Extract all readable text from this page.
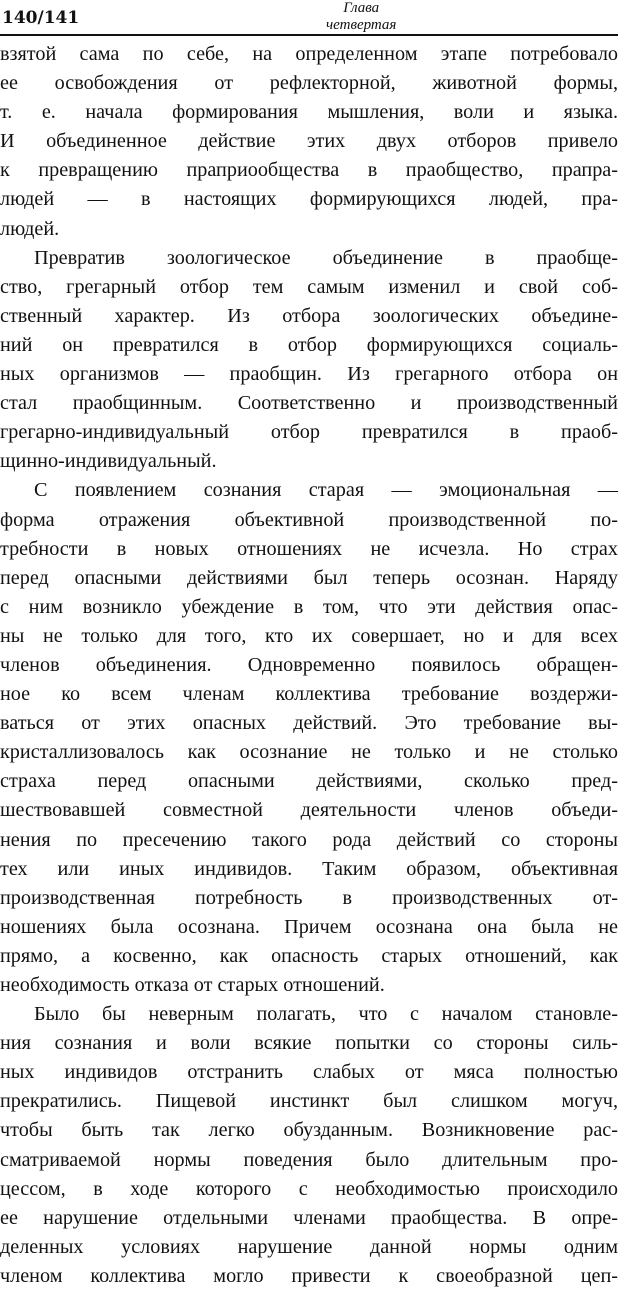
140/141	Глава
четвертая

взятой сама по себе, на определенном этапе потребовало
ее освобождения от рефлекторной, животной формы,
т. е. начала формирования мышления, воли и языка.
И объединенное действие этих двух отборов привело
к превращению праприообщества в праобщество, прапра-
людей — в настоящих формирующихся людей, пра-
людей.

Превратив зоологическое объединение в праобще-
ство, грегарный отбор тем самым изменил и свой соб-
ственный характер. Из отбора зоологических объедине-
ний он превратился в отбор формирующихся социаль-
ных организмов — праобщин. Из грегарного отбора он
стал праобщинным. Соответственно и производственный
грегарно-индивидуальный отбор превратился в праоб-
щинно-индивидуальный.

С появлением сознания старая — эмоциональная —
форма отражения объективной производственной по-
требности в новых отношениях не исчезла. Но страх
перед опасными действиями был теперь осознан. Наряду
с ним возникло убеждение в том, что эти действия опас-
ны не только для того, кто их совершает, но и для всех
членов объединения. Одновременно появилось обращен-
ное ко всем членам коллектива требование воздержи-
ваться от этих опасных действий. Это требование вы-
кристаллизовалось как осознание не только и не столько
страха перед опасными действиями, сколько пред-
шествовавшей совместной деятельности членов объеди-
нения по пресечению такого рода действий со стороны
тех или иных индивидов. Таким образом, объективная
производственная потребность в производственных от-
ношениях была осознана. Причем осознана она была не
прямо, а косвенно, как опасность старых отношений, как
необходимость отказа от старых отношений.

Было бы неверным полагать, что с началом становле-
ния сознания и воли всякие попытки со стороны силь-
ных индивидов отстранить слабых от мяса полностью
прекратились. Пищевой инстинкт был слишком могуч,
чтобы быть так легко обузданным. Возникновение рас-
сматриваемой нормы поведения было длительным про-
цессом, в ходе которого с необходимостью происходило
ее нарушение отдельными членами праобщества. В опре-
деленных условиях нарушение данной нормы одним
членом коллектива могло привести к своеобразной цеп-
